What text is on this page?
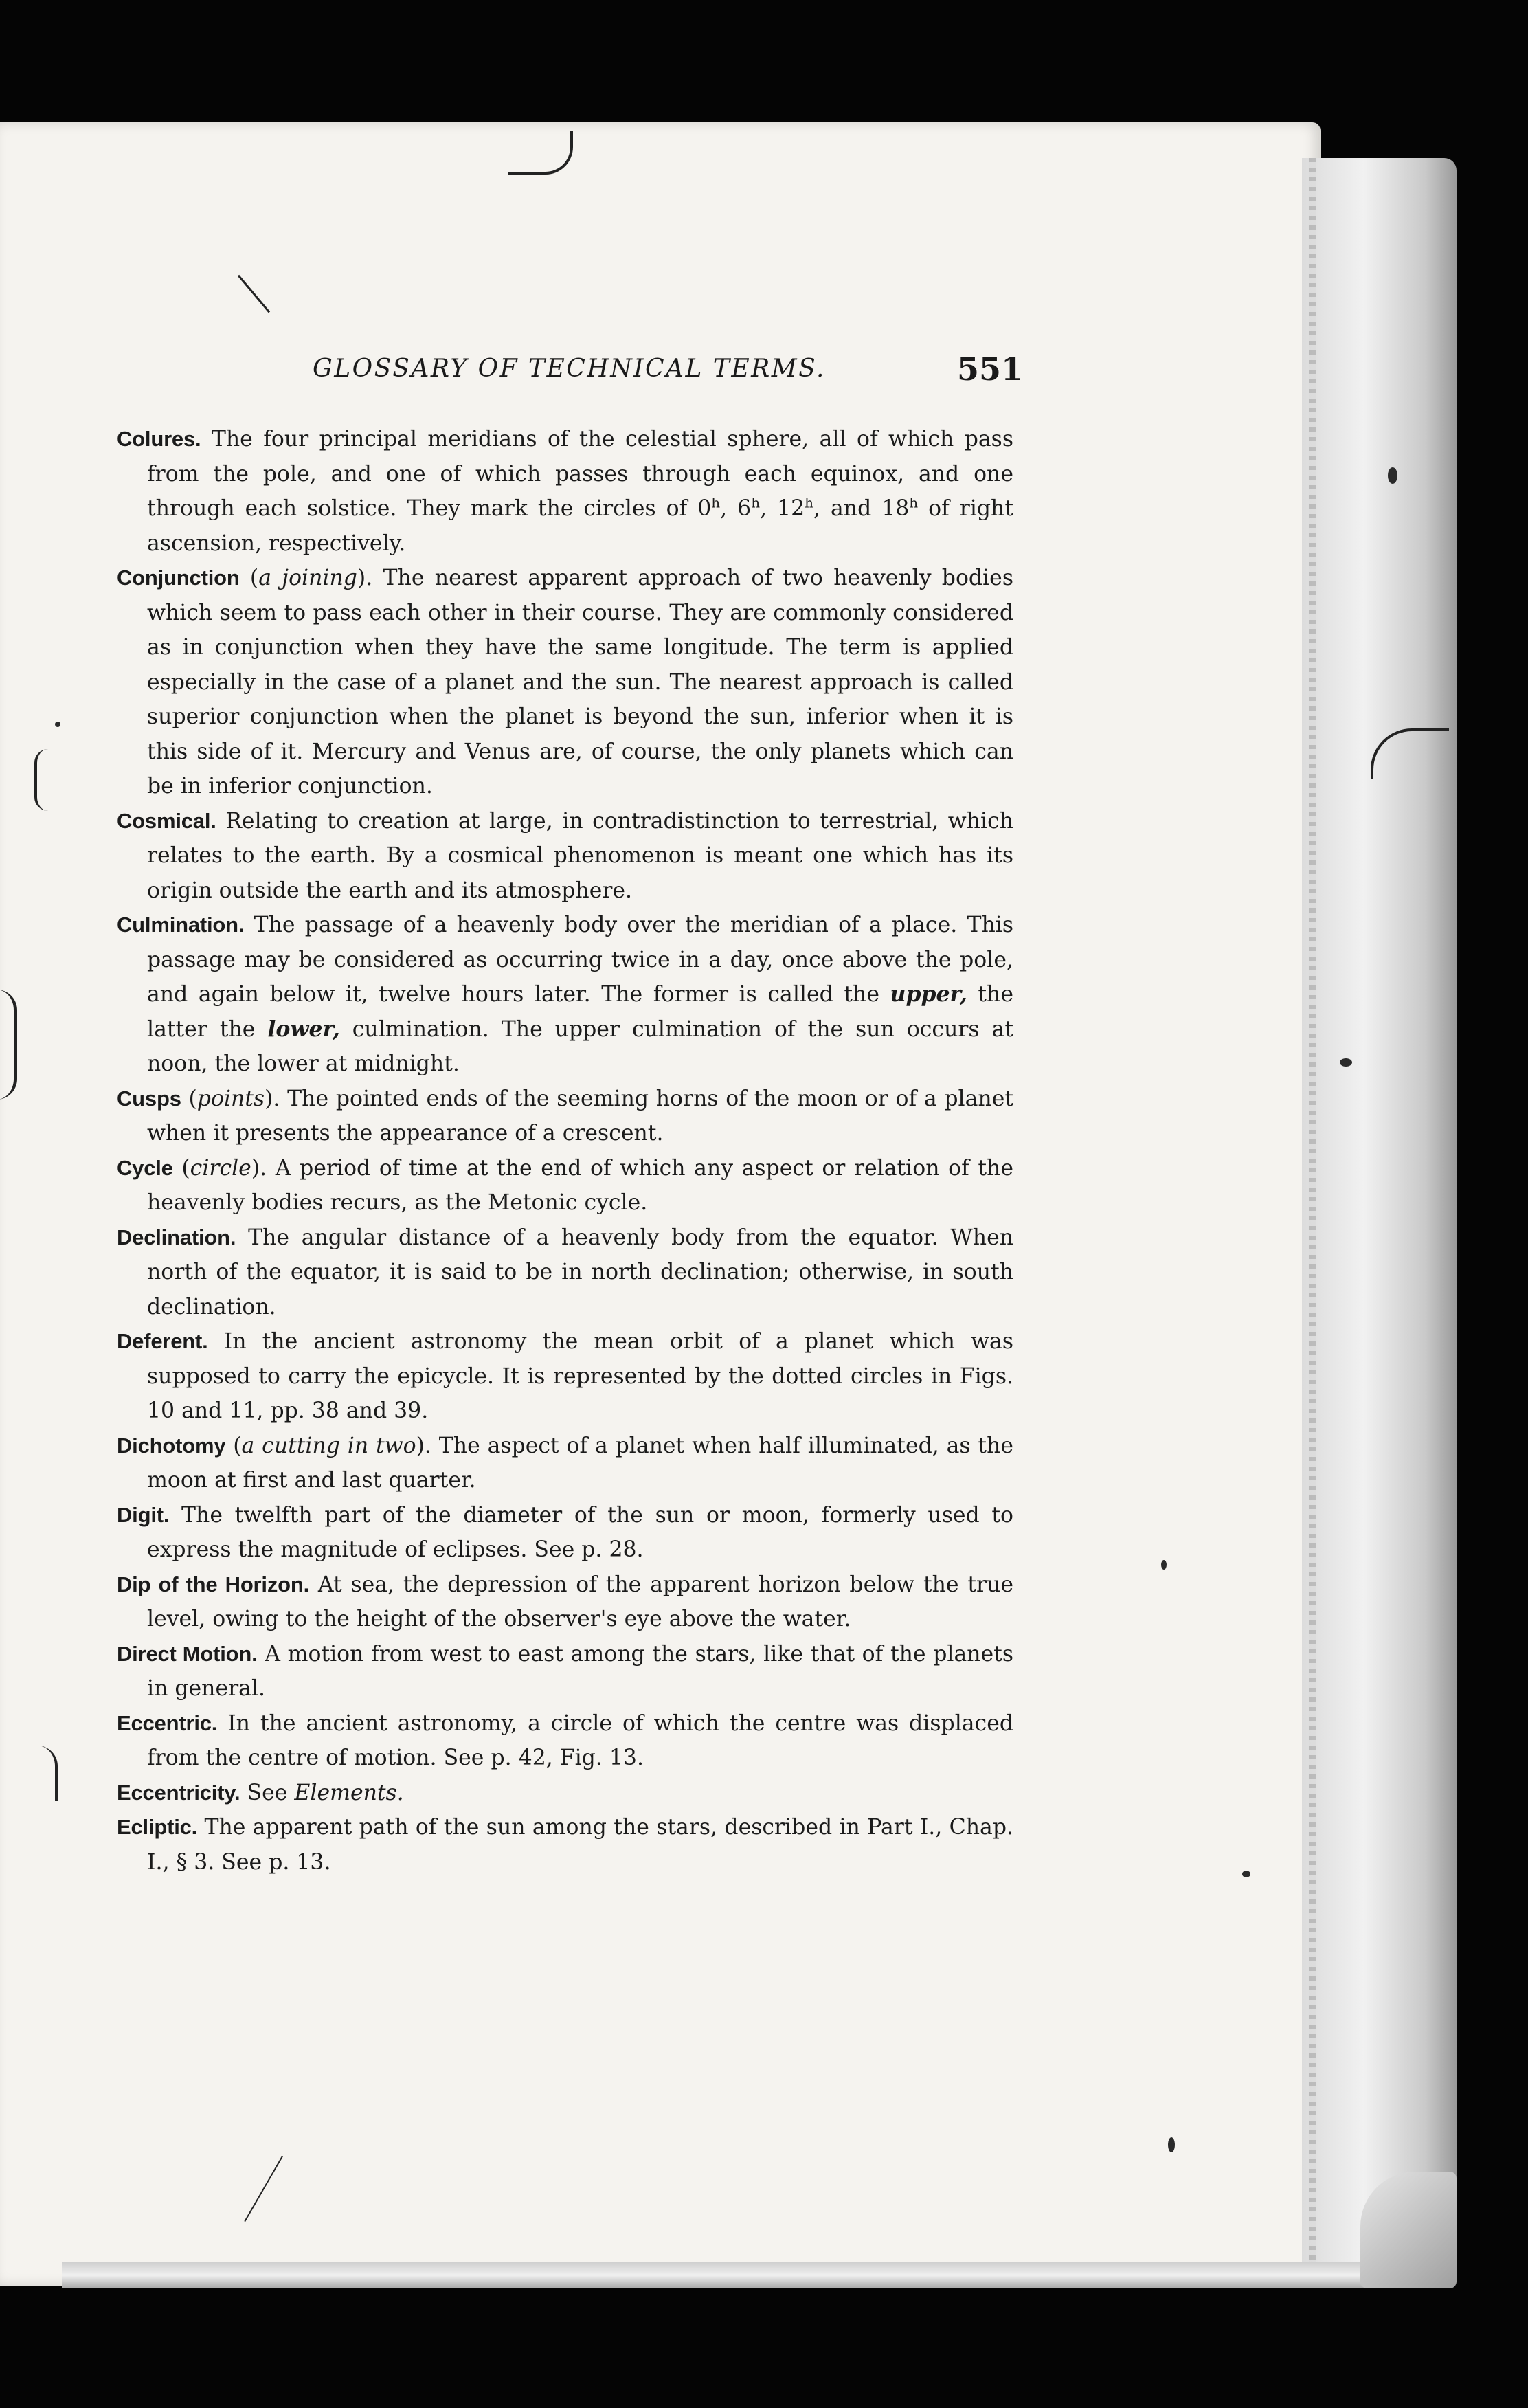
GLOSSARY OF TECHNICAL TERMS.	551

Colures. The four principal meridians of the celestial sphere, all of which pass from the pole, and one of which passes through each equinox, and one through each solstice. They mark the circles of 0$^h$, 6$^h$, 12$^h$, and 18$^h$ of right ascension, respectively.

Conjunction (a joining). The nearest apparent approach of two heavenly bodies which seem to pass each other in their course. They are commonly considered as in conjunction when they have the same longitude. The term is applied especially in the case of a planet and the sun. The nearest approach is called superior conjunction when the planet is beyond the sun, inferior when it is this side of it. Mercury and Venus are, of course, the only planets which can be in inferior conjunction.

Cosmical. Relating to creation at large, in contradistinction to terrestrial, which relates to the earth. By a cosmical phenomenon is meant one which has its origin outside the earth and its atmosphere.

Culmination. The passage of a heavenly body over the meridian of a place. This passage may be considered as occurring twice in a day, once above the pole, and again below it, twelve hours later. The former is called the upper, the latter the lower, culmination. The upper culmination of the sun occurs at noon, the lower at midnight.

Cusps (points). The pointed ends of the seeming horns of the moon or of a planet when it presents the appearance of a crescent.

Cycle (circle). A period of time at the end of which any aspect or relation of the heavenly bodies recurs, as the Metonic cycle.

Declination. The angular distance of a heavenly body from the equator. When north of the equator, it is said to be in north declination; otherwise, in south declination.

Deferent. In the ancient astronomy the mean orbit of a planet which was supposed to carry the epicycle. It is represented by the dotted circles in Figs. 10 and 11, pp. 38 and 39.

Dichotomy (a cutting in two). The aspect of a planet when half illuminated, as the moon at first and last quarter.

Digit. The twelfth part of the diameter of the sun or moon, formerly used to express the magnitude of eclipses. See p. 28.

Dip of the Horizon. At sea, the depression of the apparent horizon below the true level, owing to the height of the observer's eye above the water.

Direct Motion. A motion from west to east among the stars, like that of the planets in general.

Eccentric. In the ancient astronomy, a circle of which the centre was displaced from the centre of motion. See p. 42, Fig. 13.

Eccentricity. See Elements.

Ecliptic. The apparent path of the sun among the stars, described in Part I., Chap. I., § 3. See p. 13.
